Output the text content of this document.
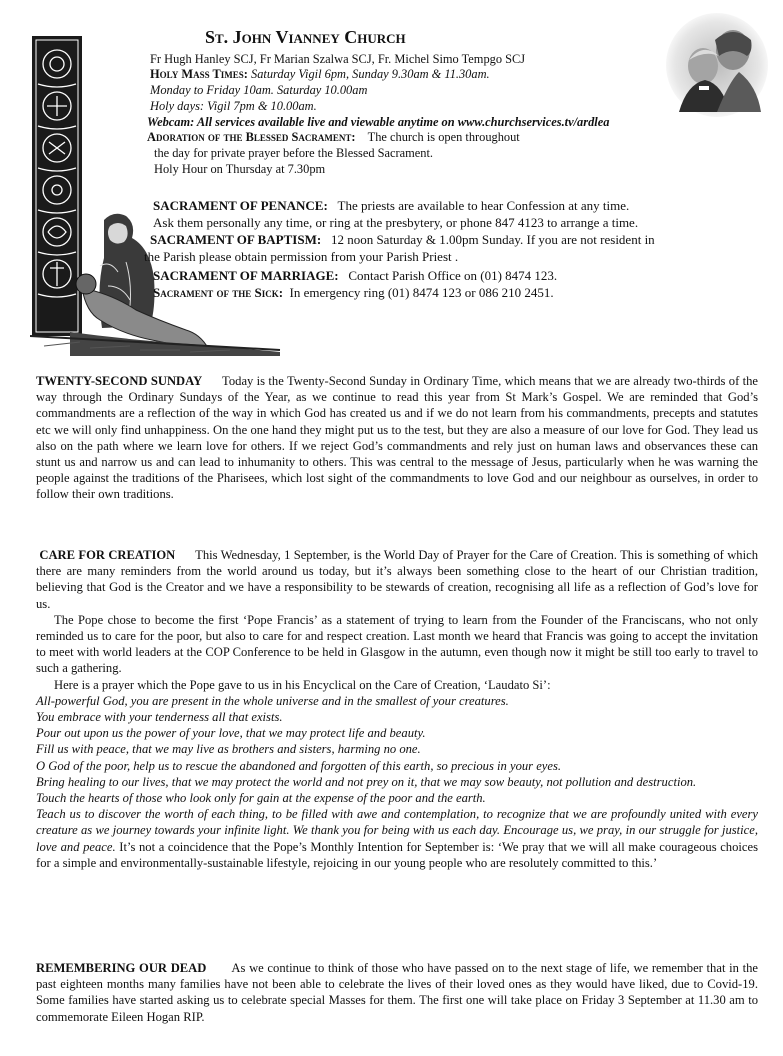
St. John Vianney Church
Fr Hugh Hanley SCJ, Fr Marian Szalwa SCJ, Fr. Michel Simo Tempgo SCJ
Holy Mass Times: Saturday Vigil 6pm, Sunday 9.30am & 11.30am.
Monday to Friday 10am. Saturday 10.00am
Holy days: Vigil 7pm & 10.00am.
Webcam: All services available live and viewable anytime on www.churchservices.tv/ardlea
Adoration of the Blessed Sacrament: The church is open throughout
the day for private prayer before the Blessed Sacrament.
Holy Hour on Thursday at 7.30pm
SACRAMENT OF PENANCE: The priests are available to hear Confession at any time.
Ask them personally any time, or ring at the presbytery, or phone 847 4123 to arrange a time.
SACRAMENT OF BAPTISM: 12 noon Saturday & 1.00pm Sunday. If you are not resident in
the Parish please obtain permission from your Parish Priest .
SACRAMENT OF MARRIAGE: Contact Parish Office on (01) 8474 123.
Sacrament of the Sick: In emergency ring (01) 8474 123 or 086 210 2451.

TWENTY-SECOND SUNDAY Today is the Twenty-Second Sunday in Ordinary Time, which means that we are already two-thirds of the way through the Ordinary Sundays of the Year, as we continue to read this year from St Mark’s Gospel. We are reminded that God’s commandments are a reflection of the way in which God has created us and if we do not learn from his commandments, precepts and statutes etc we will only find unhappiness. On the one hand they might put us to the test, but they are also a measure of our love for God. They lead us also on the path where we learn love for others. If we reject God’s commandments and rely just on human laws and observances these can stunt us and narrow us and can lead to inhumanity to others. This was central to the message of Jesus, particularly when he was warning the people against the traditions of the Pharisees, which lost sight of the commandments to love God and our neighbour as ourselves, in order to follow their own traditions.

CARE FOR CREATION This Wednesday, 1 September, is the World Day of Prayer for the Care of Creation. This is something of which there are many reminders from the world around us today, but it’s always been something close to the heart of our Christian tradition, believing that God is the Creator and we have a responsibility to be stewards of creation, recognising all life as a reflection of God’s love for us.

The Pope chose to become the first ‘Pope Francis’ as a statement of trying to learn from the Founder of the Franciscans, who not only reminded us to care for the poor, but also to care for and respect creation. Last month we heard that Francis was going to accept the invitation to meet with world leaders at the COP Conference to be held in Glasgow in the autumn, even though now it might be still too early to travel to such a gathering.

Here is a prayer which the Pope gave to us in his Encyclical on the Care of Creation, ‘Laudato Si’:

All-powerful God, you are present in the whole universe and in the smallest of your creatures.

You embrace with your tenderness all that exists.

Pour out upon us the power of your love, that we may protect life and beauty.

Fill us with peace, that we may live as brothers and sisters, harming no one.

O God of the poor, help us to rescue the abandoned and forgotten of this earth, so precious in your eyes.

Bring healing to our lives, that we may protect the world and not prey on it, that we may sow beauty, not pollution and destruction.

Touch the hearts of those who look only for gain at the expense of the poor and the earth.

Teach us to discover the worth of each thing, to be filled with awe and contemplation, to recognize that we are profoundly united with every creature as we journey towards your infinite light. We thank you for being with us each day. Encourage us, we pray, in our struggle for justice, love and peace. It’s not a coincidence that the Pope’s Monthly Intention for September is: ‘We pray that we will all make courageous choices for a simple and environmentally-sustainable lifestyle, rejoicing in our young people who are resolutely committed to this.’

REMEMBERING OUR DEAD As we continue to think of those who have passed on to the next stage of life, we remember that in the past eighteen months many families have not been able to celebrate the lives of their loved ones as they would have liked, due to Covid-19. Some families have started asking us to celebrate special Masses for them. The first one will take place on Friday 3 September at 11.30 am to commemorate Eileen Hogan RIP.
